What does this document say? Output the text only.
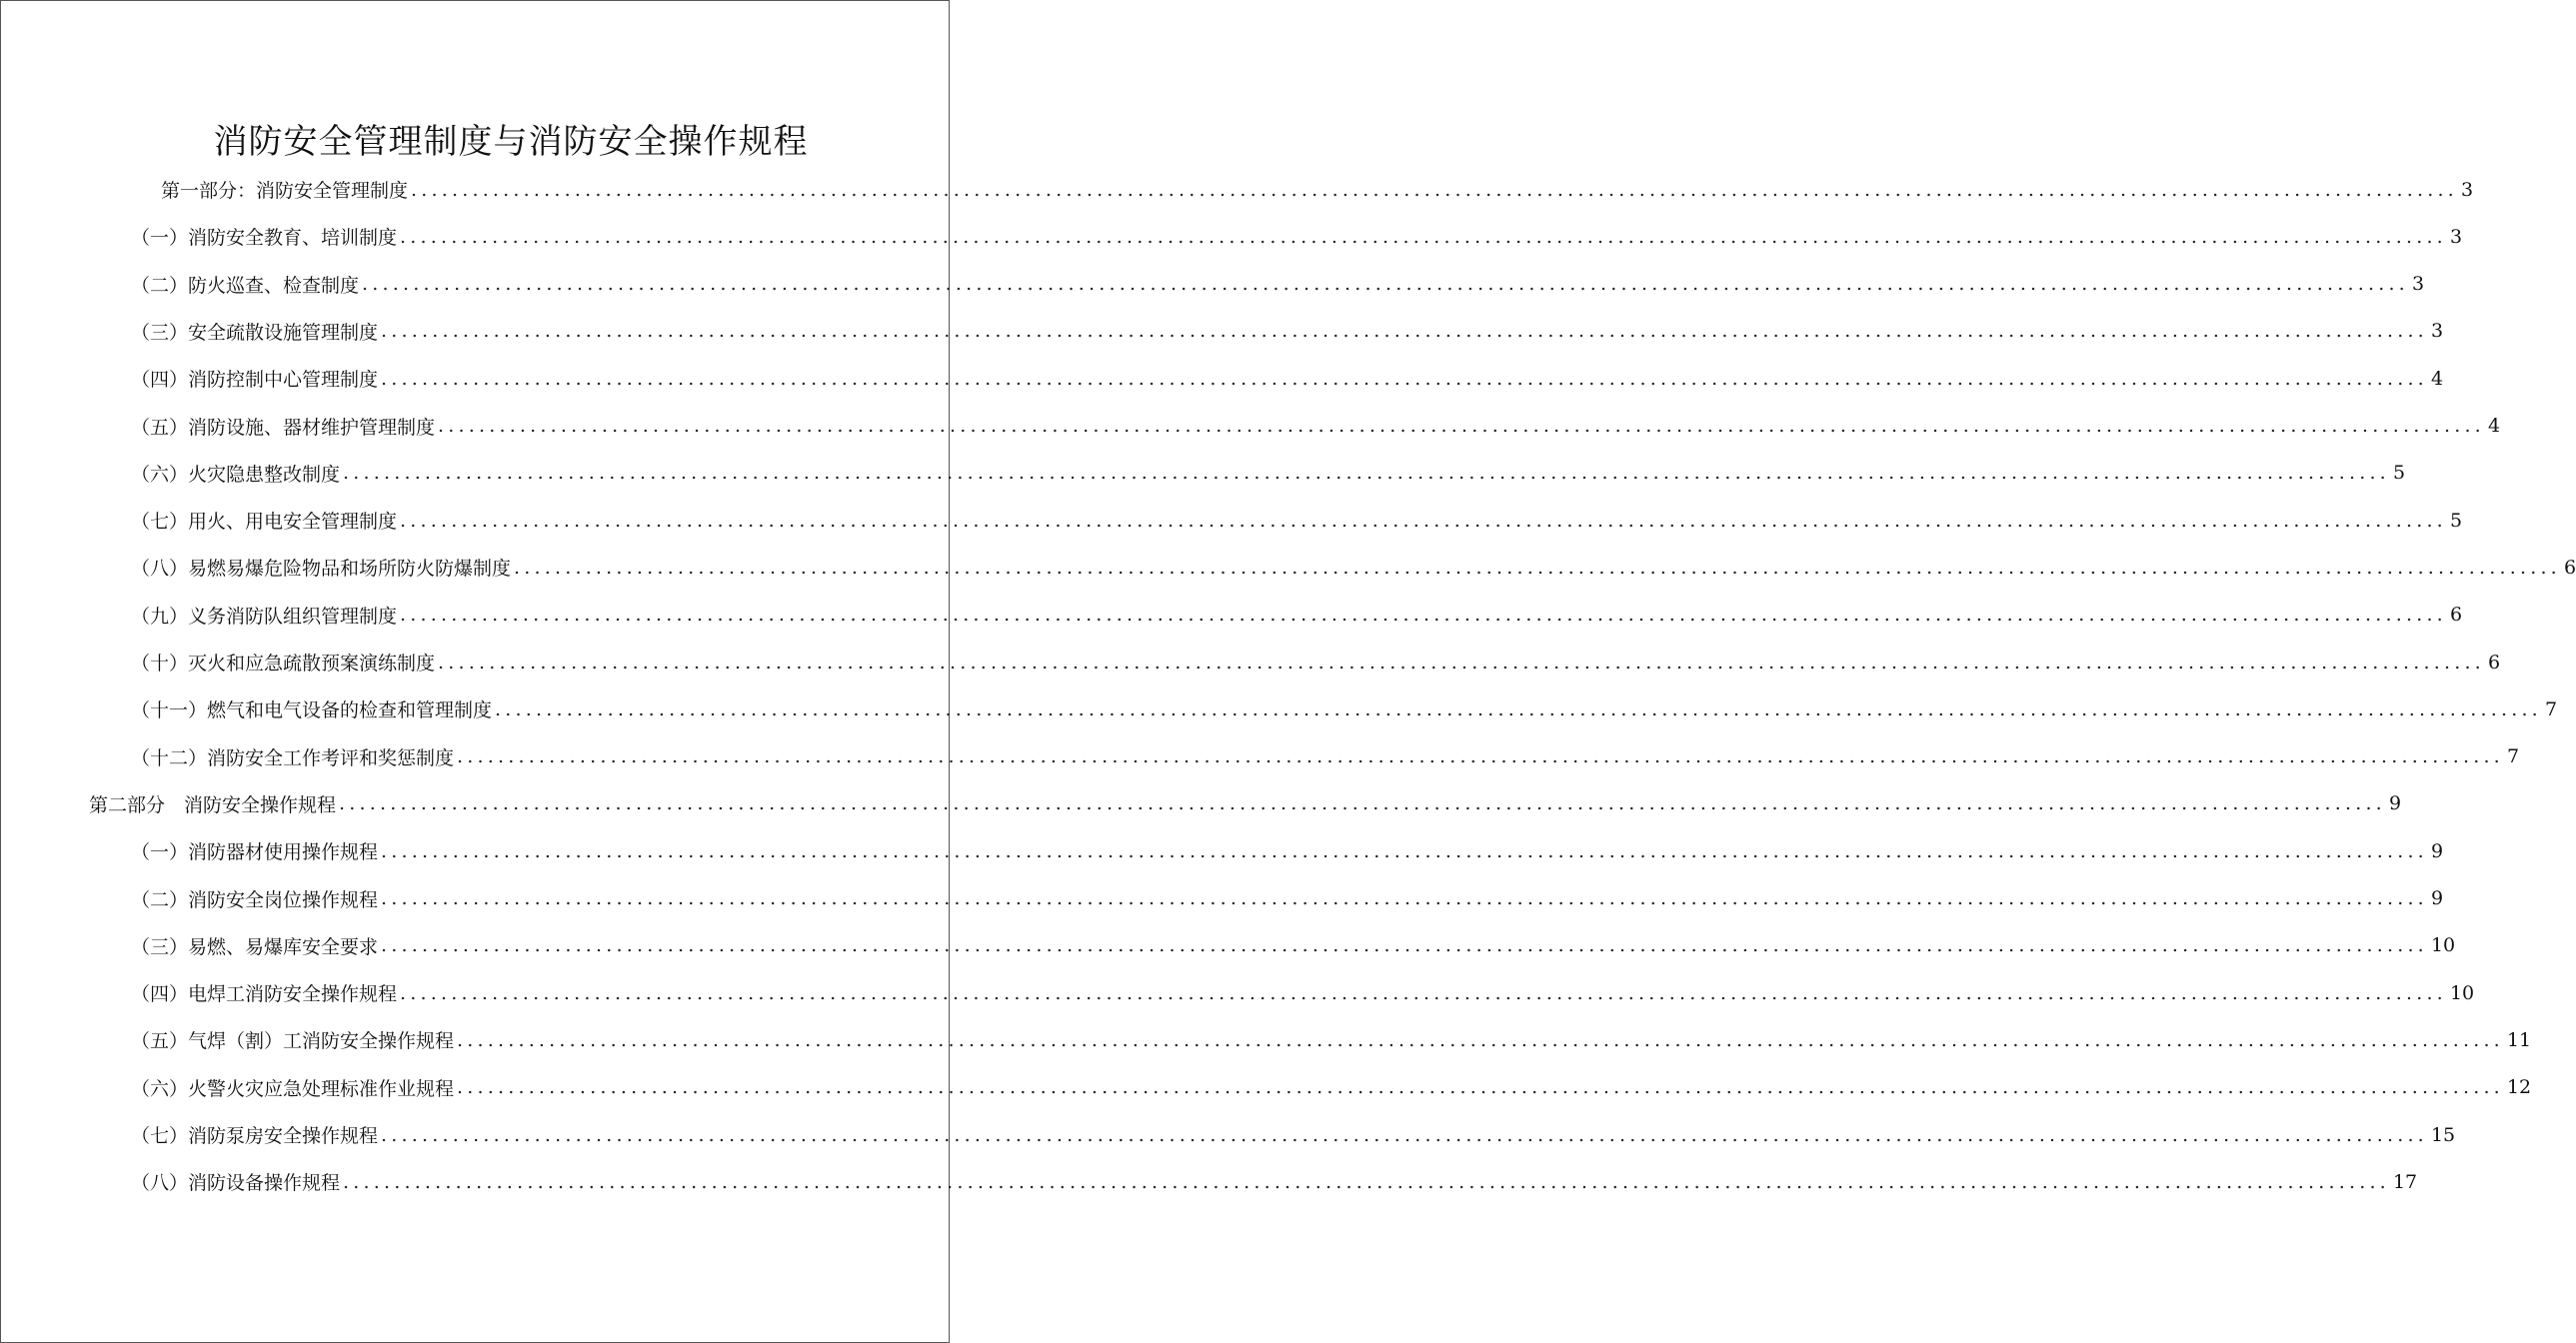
消防安全管理制度与消防安全操作规程
第一部分：消防安全管理制度 ........................................................................................................................................................................................................ 3
（一）消防安全教育、培训制度 ........................................................................................................................................................................................................ 3
（二）防火巡查、检查制度 ........................................................................................................................................................................................................ 3
（三）安全疏散设施管理制度 ........................................................................................................................................................................................................ 3
（四）消防控制中心管理制度 ........................................................................................................................................................................................................ 4
（五）消防设施、器材维护管理制度 ........................................................................................................................................................................................................ 4
（六）火灾隐患整改制度 ........................................................................................................................................................................................................ 5
（七）用火、用电安全管理制度 ........................................................................................................................................................................................................ 5
（八）易燃易爆危险物品和场所防火防爆制度 ........................................................................................................................................................................................................ 6
（九）义务消防队组织管理制度 ........................................................................................................................................................................................................ 6
（十）灭火和应急疏散预案演练制度 ........................................................................................................................................................................................................ 6
（十一）燃气和电气设备的检查和管理制度 ........................................................................................................................................................................................................ 7
（十二）消防安全工作考评和奖惩制度 ........................................................................................................................................................................................................ 7
第二部分　消防安全操作规程 ........................................................................................................................................................................................................ 9
（一）消防器材使用操作规程 ........................................................................................................................................................................................................ 9
（二）消防安全岗位操作规程 ........................................................................................................................................................................................................ 9
（三）易燃、易爆库安全要求 ........................................................................................................................................................................................................ 10
（四）电焊工消防安全操作规程 ........................................................................................................................................................................................................ 10
（五）气焊（割）工消防安全操作规程 ........................................................................................................................................................................................................ 11
（六）火警火灾应急处理标准作业规程 ........................................................................................................................................................................................................ 12
（七）消防泵房安全操作规程 ........................................................................................................................................................................................................ 15
（八）消防设备操作规程 ........................................................................................................................................................................................................ 17
